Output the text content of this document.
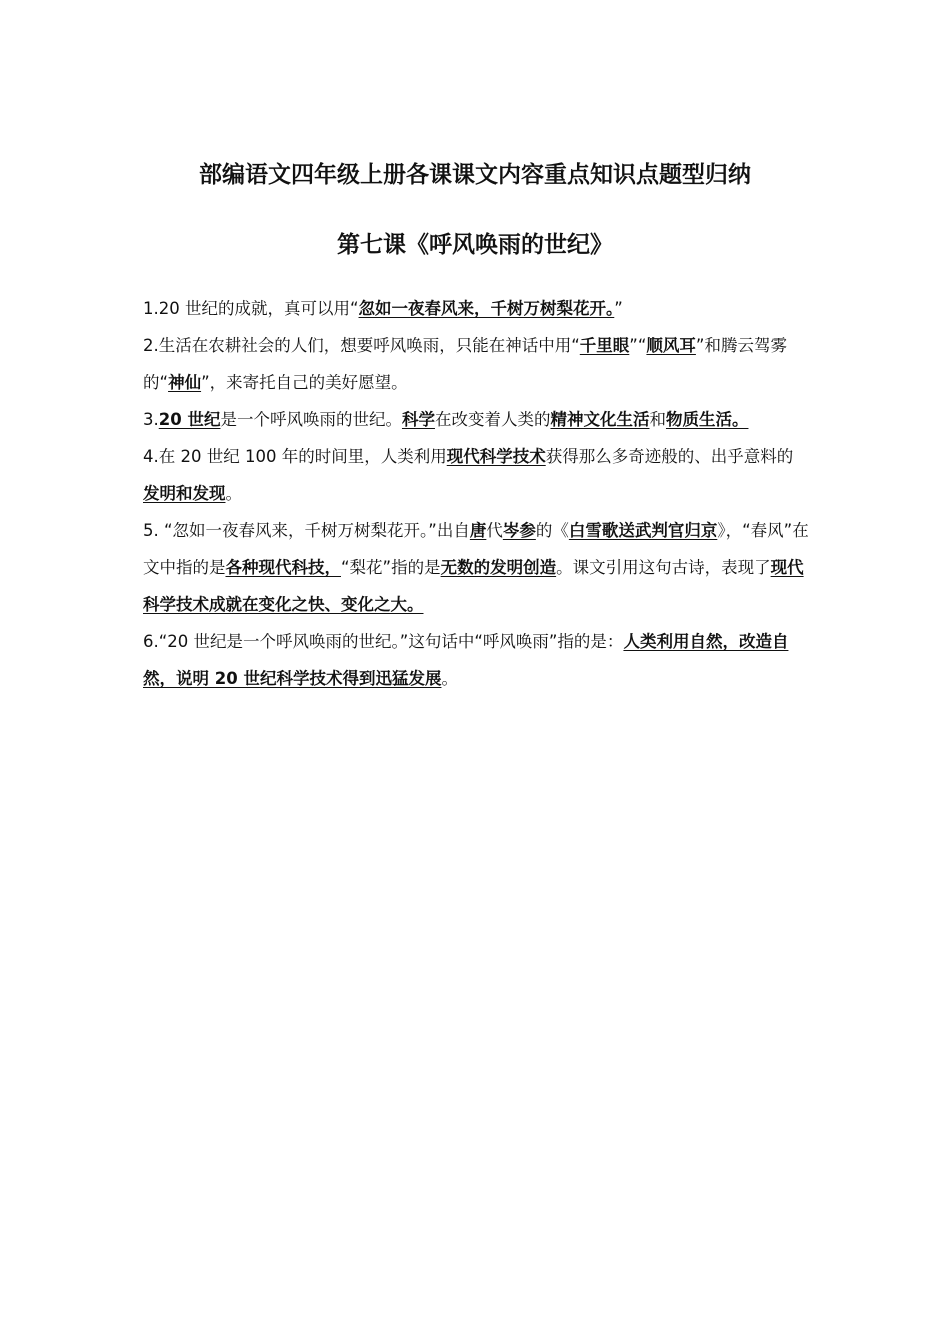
部编语文四年级上册各课课文内容重点知识点题型归纳
第七课《呼风唤雨的世纪》

1.20 世纪的成就，真可以用“忽如一夜春风来，千树万树梨花开。”

2.生活在农耕社会的人们，想要呼风唤雨，只能在神话中用“千里眼”“顺风耳”和腾云驾雾的“神仙”，来寄托自己的美好愿望。

3.20 世纪是一个呼风唤雨的世纪。科学在改变着人类的精神文化生活和物质生活。

4.在 20 世纪 100 年的时间里，人类利用现代科学技术获得那么多奇迹般的、出乎意料的发明和发现。

5. “忽如一夜春风来，千树万树梨花开。”出自唐代岑参的《白雪歌送武判官归京》，“春风”在文中指的是各种现代科技，“梨花”指的是无数的发明创造。课文引用这句古诗，表现了现代科学技术成就在变化之快、变化之大。

6.“20 世纪是一个呼风唤雨的世纪。”这句话中“呼风唤雨”指的是：人类利用自然，改造自然，说明 20 世纪科学技术得到迅猛发展。
